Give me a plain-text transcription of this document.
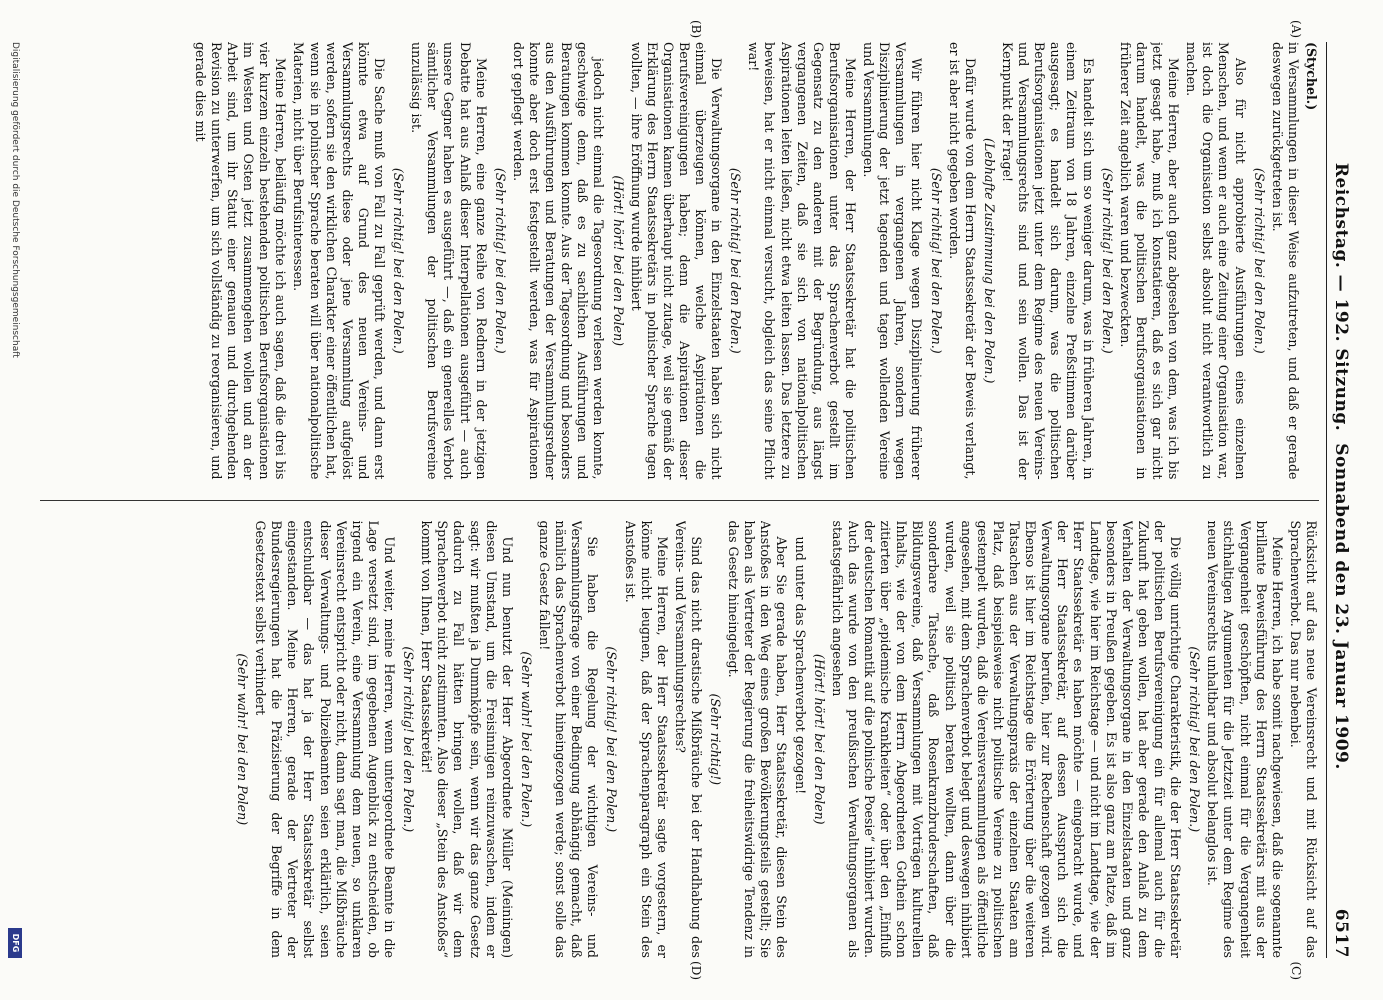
Reichstag. — 192. Sitzung.
Sonnabend den 23. Januar 1909.
6517
(A)
(B)
(C)
(D)

(Stychel.)

in Versammlungen in dieser Weise aufzutreten, und daß er gerade deswegen zurückgetreten ist.

(Sehr richtig! bei den Polen.)

Also für nicht approbierte Ausführungen eines einzelnen Menschen, und wenn er auch eine Zeitung einer Organisation war, ist doch die Organisation selbst absolut nicht verantwortlich zu machen.

Meine Herren, aber auch ganz abgesehen von dem, was ich bis jetzt gesagt habe, muß ich konstatieren, daß es sich gar nicht darum handelt, was die politischen Berufsorganisationen in früherer Zeit angeblich waren und bezweckten.

(Sehr richtig! bei den Polen.)

Es handelt sich um so weniger darum, was in früheren Jahren, in einem Zeitraum von 18 Jahren, einzelne Preßstimmen darüber ausgesagt; es handelt sich darum, was die politischen Berufsorganisationen jetzt unter dem Regime des neuen Vereins- und Versammlungsrechts sind und sein wollen. Das ist der Kernpunkt der Frage!

(Lebhafte Zustimmung bei den Polen.)

Dafür wurde von dem Herrn Staatssekretär der Beweis verlangt, er ist aber nicht gegeben worden.

(Sehr richtig! bei den Polen.)

Wir führen hier nicht Klage wegen Disziplinierung früherer Versammlungen in vergangenen Jahren, sondern wegen Disziplinierung der jetzt tagenden und tagen wollenden Vereine und Versammlungen.

Meine Herren, der Herr Staatssekretär hat die politischen Berufsorganisationen unter das Sprachenverbot gestellt im Gegensatz zu den anderen mit der Begründung, aus längst vergangenen Zeiten, daß sie sich von nationalpolitischen Aspirationen leiten ließen, nicht etwa leiten lassen. Das letztere zu beweisen, hat er nicht einmal versucht, obgleich das seine Pflicht war!

(Sehr richtig! bei den Polen.)

Die Verwaltungsorgane in den Einzelstaaten haben sich nicht einmal überzeugen können, welche Aspirationen die Berufsvereinigungen haben; denn die Aspirationen dieser Organisationen kamen überhaupt nicht zutage, weil sie gemäß der Erklärung des Herrn Staatssekretärs in polnischer Sprache tagen wollten, — ihre Eröffnung wurde inhibiert

(Hört! hört! bei den Polen)

jedoch nicht einmal die Tagesordnung verlesen werden konnte, geschweige denn, daß es zu sachlichen Ausführungen und Beratungen kommen konnte. Aus der Tagesordnung und besonders aus den Ausführungen und Beratungen der Versammlungsredner konnte aber doch erst festgestellt werden, was für Aspirationen dort gepflegt werden.

(Sehr richtig! bei den Polen.)

Meine Herren, eine ganze Reihe von Rednern in der jetzigen Debatte hat aus Anlaß dieser Interpellationen ausgeführt — auch unsere Gegner haben es ausgeführt —, daß ein generelles Verbot sämtlicher Versammlungen der politischen Berufsvereine unzulässig ist.

(Sehr richtig! bei den Polen.)

Die Sache muß von Fall zu Fall geprüft werden, und dann erst könnte etwa auf Grund des neuen Vereins- und Versammlungsrechts diese oder jene Versammlung aufgelöst werden, sofern sie den wirklichen Charakter einer öffentlichen hat, wenn sie in polnischer Sprache beraten will über nationalpolitische Materien, nicht über Berufsinteressen.

Meine Herren, beiläufig möchte ich auch sagen, daß die drei bis vier kurzem einzeln bestehenden politischen Berufsorganisationen im Westen und Osten jetzt zusammengehen wollen und an der Arbeit sind, um ihr Statut einer genauen und durchgehenden Revision zu unterwerfen, um sich vollständig zu reorganisieren, und gerade dies mit

Rücksicht auf das neue Vereinsrecht und mit Rücksicht auf das Sprachenverbot. Das nur nebenbei.

Meine Herren, ich habe somit nachgewiesen, daß die sogenannte brillante Beweisführung des Herrn Staatssekretärs mit aus der Vergangenheit geschöpften, nicht einmal für die Vergangenheit stichhaltigen Argumenten für die Jetztzeit unter dem Regime des neuen Vereinsrechts unhaltbar und absolut belanglos ist.

(Sehr richtig! bei den Polen.)

Die völlig unrichtige Charakteristik, die der Herr Staatssekretär der politischen Berufsvereinigung ein für allemal auch für die Zukunft hat geben wollen, hat aber gerade den Anlaß zu dem Verhalten der Verwaltungsorgane in den Einzelstaaten und ganz besonders in Preußen gegeben. Es ist also ganz am Platze, daß im Landtage, wie hier im Reichstage — und nicht im Landtage, wie der Herr Staatssekretär es haben möchte — eingebracht wurde, und der Herr Staatssekretär, auf dessen Ausspruch sich die Verwaltungsorgane berufen, hier zur Rechenschaft gezogen wird. Ebenso ist hier im Reichstage die Erörterung über die weiteren Tatsachen aus der Verwaltungspraxis der einzelnen Staaten am Platz, daß beispielsweise nicht politische Vereine zu politischen gestempelt wurden, daß die Vereinsversammlungen als öffentliche angesehen, mit dem Sprachenverbot belegt und deswegen inhibiert wurden, weil sie politisch beraten wollten, dann über die sonderbare Tatsache, daß Rosenkranzbruderschaften, daß Bildungsvereine, daß Versammlungen mit Vorträgen kulturellen Inhalts, wie der von dem Herrn Abgeordneten Gothein schon zitierten über „epidemische Krankheiten“ oder über den „Einfluß der deutschen Romantik auf die polnische Poesie“ inhibiert wurden. Auch das wurde von den preußischen Verwaltungsorganen als staatsgefährlich angesehen

(Hört! hört! bei den Polen)

und unter das Sprachenverbot gezogen!

Aber Sie gerade haben, Herr Staatssekretär, diesen Stein des Anstoßes in den Weg eines großen Bevölkerungsteils gestellt; Sie haben als Vertreter der Regierung die freiheitswidrige Tendenz in das Gesetz hineingelegt.

(Sehr richtig!)

Sind das nicht drastische Mißbräuche bei der Handhabung des Vereins- und Versammlungsrechtes?

Meine Herren, der Herr Staatssekretär sagte vorgestern, er könne nicht leugnen, daß der Sprachenparagraph ein Stein des Anstoßes ist.

(Sehr richtig! bei den Polen.)

Sie haben die Regelung der wichtigen Vereins- und Versammlungsfrage von einer Bedingung abhängig gemacht, daß nämlich das Sprachenverbot hineingezogen werde; sonst solle das ganze Gesetz fallen!

(Sehr wahr! bei den Polen.)

Und nun benutzt der Herr Abgeordnete Müller (Meiningen) diesen Umstand, um die Freisinnigen reinzuwaschen, indem er sagt: wir mußten ja Dummköpfe sein, wenn wir das ganze Gesetz dadurch zu Fall hätten bringen wollen, daß wir dem Sprachenverbot nicht zustimmten. Also dieser „Stein des Anstoßes“ kommt von Ihnen, Herr Staatssekretär!

(Sehr richtig! bei den Polen.)

Und weiter, meine Herren, wenn untergeordnete Beamte in die Lage versetzt sind, im gegebenen Augenblick zu entscheiden, ob irgend ein Verein, eine Versammlung dem neuen, so unklaren Vereinsrecht entspricht oder nicht, dann sagt man, die Mißbräuche dieser Verwaltungs- und Polizeibeamten seien erklärlich, seien entschuldbar — das hat ja der Herr Staatssekretär selbst eingestanden. Meine Herren, gerade der Vertreter der Bundesregierungen hat die Präzisierung der Begriffe in dem Gesetzestext selbst verhindert

(Sehr wahr! bei den Polen)

Digitalisierung gefördert durch die Deutsche Forschungsgemeinschaft
DFG
